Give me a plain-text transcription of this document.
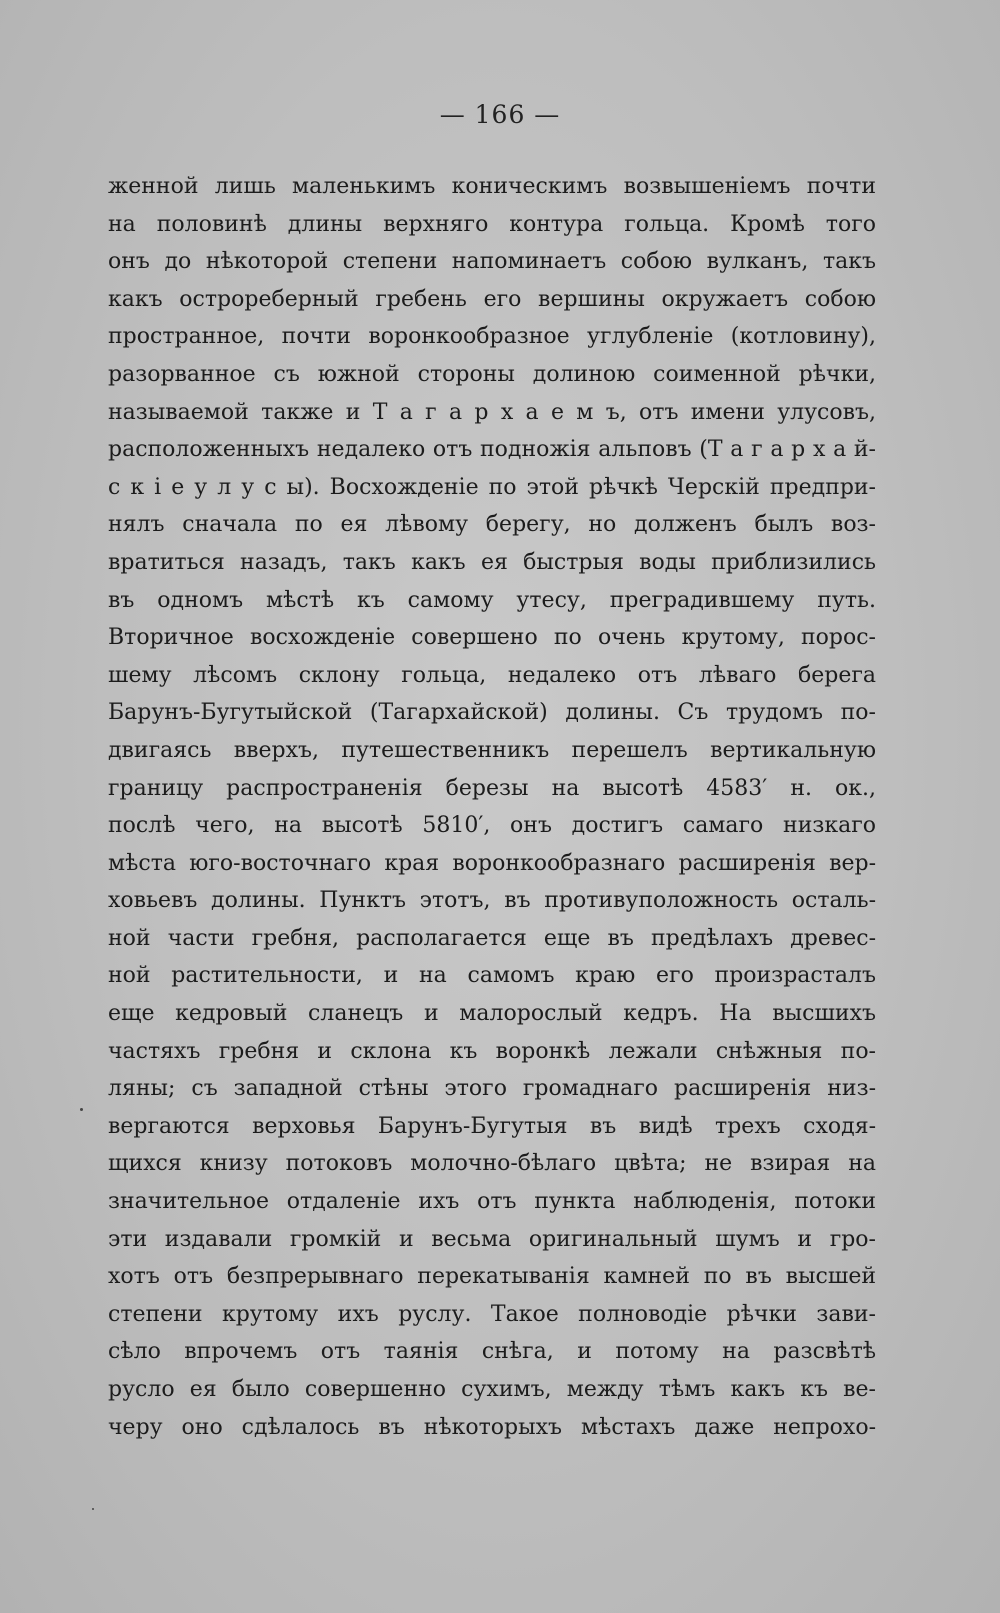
— 166 —
женной лишь маленькимъ коническимъ возвышеніемъ почти
на половинѣ длины верхняго контура гольца. Кромѣ того
онъ до нѣкоторой степени напоминаетъ собою вулканъ, такъ
какъ острореберный гребень его вершины окружаетъ собою
пространное, почти воронкообразное углубленіе (котловину),
разорванное съ южной стороны долиною соименной рѣчки,
называемой также и Т а г а р х а е м ъ, отъ имени улусовъ,
расположенныхъ недалеко отъ подножія альповъ (Т а г а р х а й-
с к і е у л у с ы). Восхожденіе по этой рѣчкѣ Черскій предпри-
нялъ сначала по ея лѣвому берегу, но долженъ былъ воз-
вратиться назадъ, такъ какъ ея быстрыя воды приблизились
въ одномъ мѣстѣ къ самому утесу, преградившему путь.
Вторичное восхожденіе совершено по очень крутому, порос-
шему лѣсомъ склону гольца, недалеко отъ лѣваго берега
Барунъ-Бугутыйской (Тагархайской) долины. Съ трудомъ по-
двигаясь вверхъ, путешественникъ перешелъ вертикальную
границу распространенія березы на высотѣ 4583′ н. ок.,
послѣ чего, на высотѣ 5810′, онъ достигъ самаго низкаго
мѣста юго-восточнаго края воронкообразнаго расширенія вер-
ховьевъ долины. Пунктъ этотъ, въ противуположность осталь-
ной части гребня, располагается еще въ предѣлахъ древес-
ной растительности, и на самомъ краю его произрасталъ
еще кедровый сланецъ и малорослый кедръ. На высшихъ
частяхъ гребня и склона къ воронкѣ лежали снѣжныя по-
ляны; съ западной стѣны этого громаднаго расширенія низ-
вергаются верховья Барунъ-Бугутыя въ видѣ трехъ сходя-
щихся книзу потоковъ молочно-бѣлаго цвѣта; не взирая на
значительное отдаленіе ихъ отъ пункта наблюденія, потоки
эти издавали громкій и весьма оригинальный шумъ и гро-
хотъ отъ безпрерывнаго перекатыванія камней по въ высшей
степени крутому ихъ руслу. Такое полноводіе рѣчки зави-
сѣло впрочемъ отъ таянія снѣга, и потому на разсвѣтѣ
русло ея было совершенно сухимъ, между тѣмъ какъ къ ве-
черу оно сдѣлалось въ нѣкоторыхъ мѣстахъ даже непрохо-
